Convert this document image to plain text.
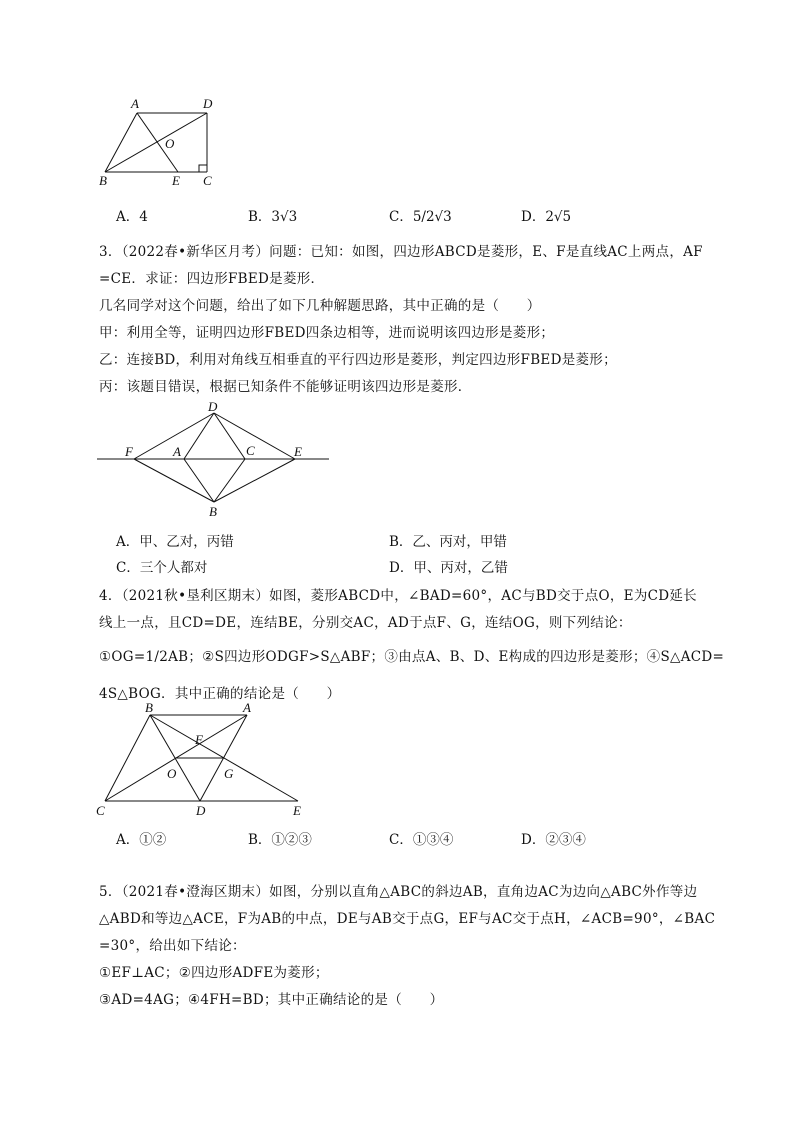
A	D
O
B	E C
A．4	B．3√3	C．5/2√3	D．2√5
3．（2022春•新华区月考）问题：已知：如图，四边形ABCD是菱形，E、F是直线AC上两点，AF
=CE．求证：四边形FBED是菱形．
几名同学对这个问题，给出了如下几种解题思路，其中正确的是（　　）
甲：利用全等，证明四边形FBED四条边相等，进而说明该四边形是菱形；
乙：连接BD，利用对角线互相垂直的平行四边形是菱形，判定四边形FBED是菱形；
丙：该题目错误，根据已知条件不能够证明该四边形是菱形．
D
F	A	C	E
B
A．甲、乙对，丙错	B．乙、丙对，甲错
C．三个人都对	D．甲、丙对，乙错
4．（2021秋•垦利区期末）如图，菱形ABCD中，∠BAD=60°，AC与BD交于点O，E为CD延长
线上一点，且CD=DE，连结BE，分别交AC，AD于点F、G，连结OG，则下列结论：
①OG=1/2AB；②S四边形ODGF>S△ABF；③由点A、B、D、E构成的四边形是菱形；④S△ACD=
4S△BOG．其中正确的结论是（　　）
B	A
F
O	G
C	D	E
A．①②	B．①②③	C．①③④	D．②③④
5．（2021春•澄海区期末）如图，分别以直角△ABC的斜边AB，直角边AC为边向△ABC外作等边
△ABD和等边△ACE，F为AB的中点，DE与AB交于点G，EF与AC交于点H，∠ACB=90°，∠BAC
=30°，给出如下结论：
①EF⊥AC；②四边形ADFE为菱形；
③AD=4AG；④4FH=BD；其中正确结论的是（　　）
